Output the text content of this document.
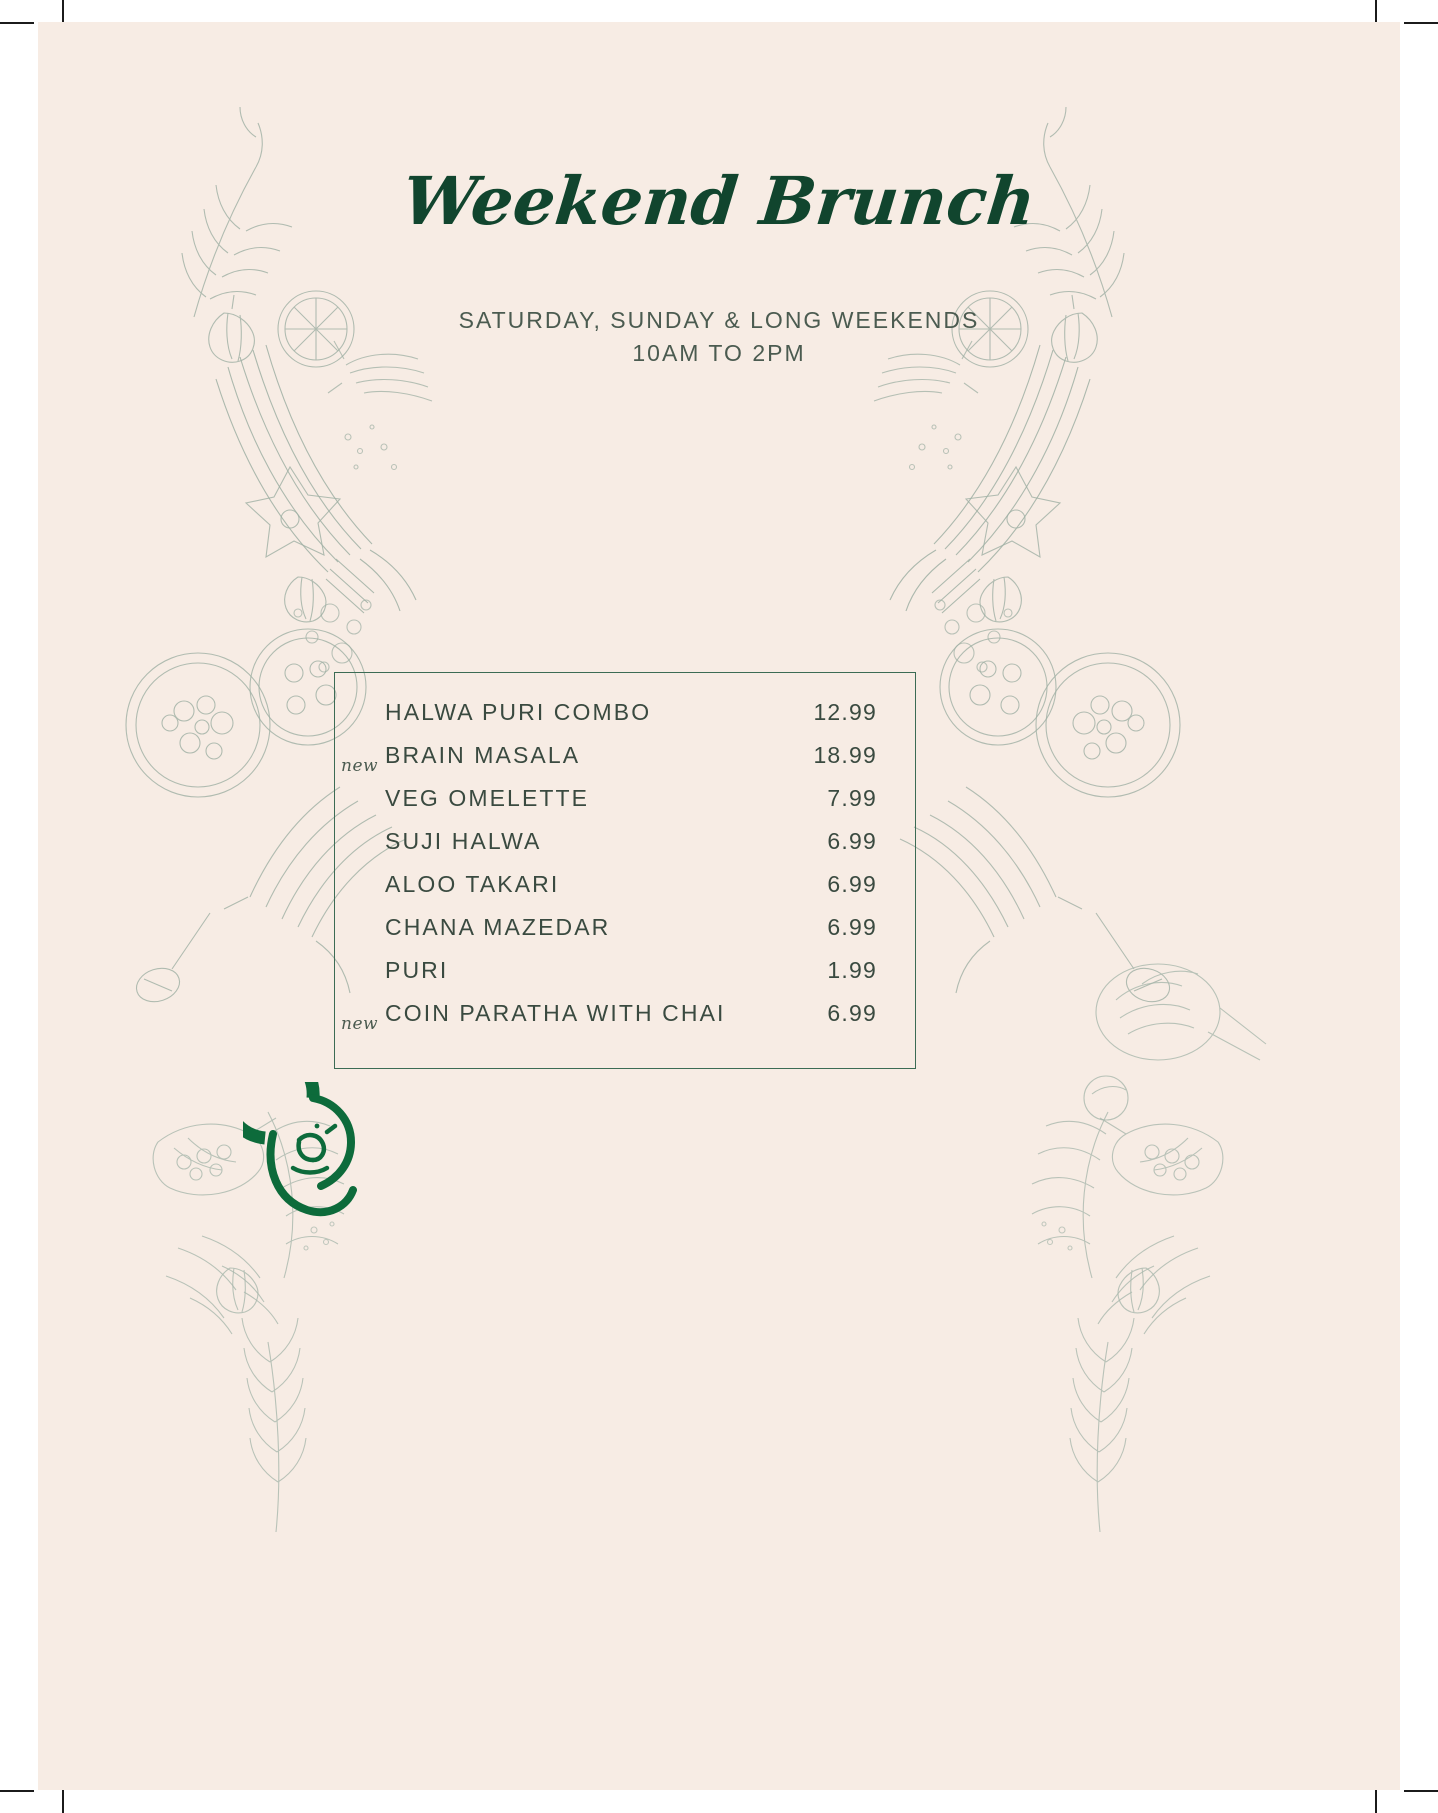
Weekend Brunch
SATURDAY, SUNDAY & LONG WEEKENDS
10AM TO 2PM
HALWA PURI COMBO	12.99
new BRAIN MASALA	18.99
VEG OMELETTE	7.99
SUJI HALWA	6.99
ALOO TAKARI	6.99
CHANA MAZEDAR	6.99
PURI	1.99
new COIN PARATHA WITH CHAI	6.99
